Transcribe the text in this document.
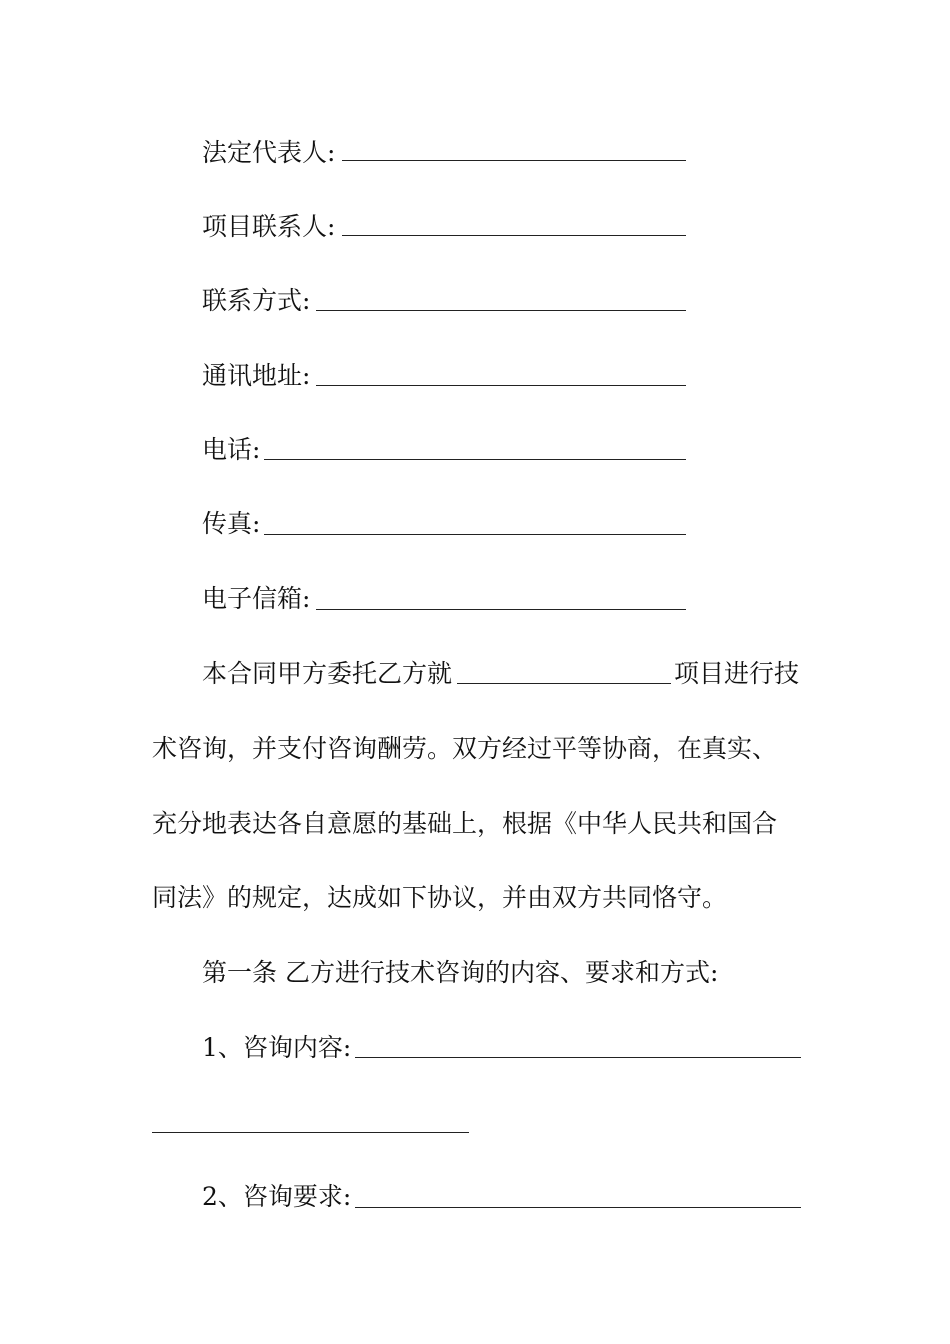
法定代表人:
项目联系人:
联系方式:
通讯地址:
电话:
传真:
电子信箱:
本合同甲方委托乙方就	项目进行技
术咨询，并支付咨询酬劳。双方经过平等协商，在真实、
充分地表达各自意愿的基础上，根据《中华人民共和国合
同法》的规定，达成如下协议，并由双方共同恪守。
第一条 乙方进行技术咨询的内容、要求和方式:
1、咨询内容:
2、咨询要求:
